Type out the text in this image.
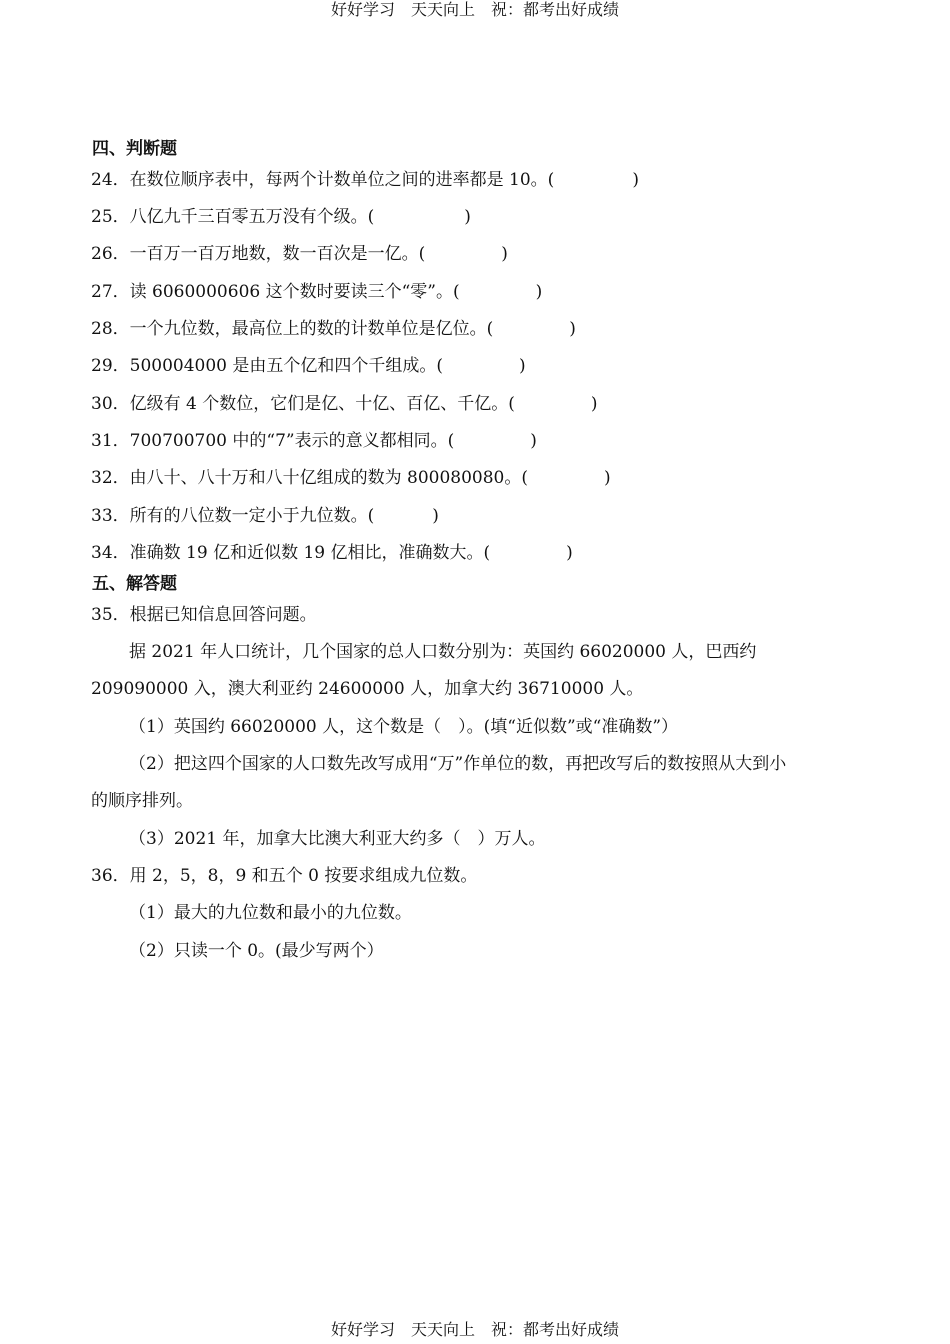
好好学习　天天向上　祝：都考出好成绩
四、判断题
24．在数位顺序表中，每两个计数单位之间的进率都是 10。(	)
25．八亿九千三百零五万没有个级。(	)
26．一百万一百万地数，数一百次是一亿。(	)
27．读 6060000606 这个数时要读三个“零”。(	)
28．一个九位数，最高位上的数的计数单位是亿位。(	)
29．500004000 是由五个亿和四个千组成。(	)
30．亿级有 4 个数位，它们是亿、十亿、百亿、千亿。(	)
31．700700700 中的“7”表示的意义都相同。(	)
32．由八十、八十万和八十亿组成的数为 800080080。(	)
33．所有的八位数一定小于九位数。(	)
34．准确数 19 亿和近似数 19 亿相比，准确数大。(	)
五、解答题
35．根据已知信息回答问题。
据 2021 年人口统计，几个国家的总人口数分别为：英国约 66020000 人，巴西约
209090000 入，澳大利亚约 24600000 人，加拿大约 36710000 人。
（1）英国约 66020000 人，这个数是（　）。(填“近似数”或“准确数”）
（2）把这四个国家的人口数先改写成用“万”作单位的数，再把改写后的数按照从大到小
的顺序排列。
（3）2021 年，加拿大比澳大利亚大约多（　）万人。
36．用 2，5，8，9 和五个 0 按要求组成九位数。
（1）最大的九位数和最小的九位数。
（2）只读一个 0。(最少写两个）
好好学习　天天向上　祝：都考出好成绩
